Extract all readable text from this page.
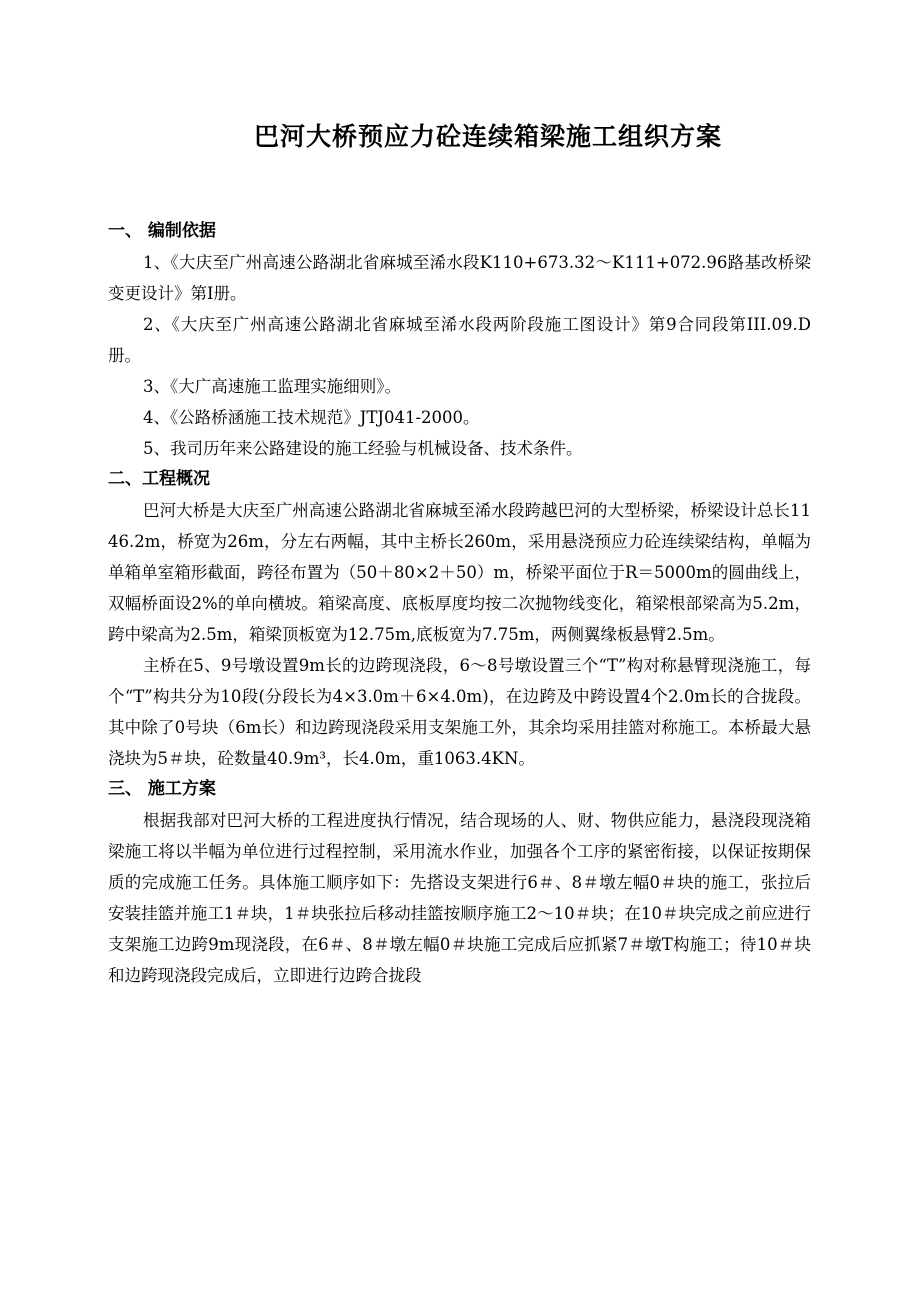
巴河大桥预应力砼连续箱梁施工组织方案
一、 编制依据
1、《大庆至广州高速公路湖北省麻城至浠水段K110+673.32～K111+072.96路基改桥梁变更设计》第I册。
2、《大庆至广州高速公路湖北省麻城至浠水段两阶段施工图设计》第9合同段第III.09.D册。
3、《大广高速施工监理实施细则》。
4、《公路桥涵施工技术规范》JTJ041-2000。
5、我司历年来公路建设的施工经验与机械设备、技术条件。
二、工程概况
巴河大桥是大庆至广州高速公路湖北省麻城至浠水段跨越巴河的大型桥梁，桥梁设计总长1146.2m，桥宽为26m，分左右两幅，其中主桥长260m，采用悬浇预应力砼连续梁结构，单幅为单箱单室箱形截面，跨径布置为（50＋80×2＋50）m，桥梁平面位于R＝5000m的圆曲线上，双幅桥面设2%的单向横坡。箱梁高度、底板厚度均按二次抛物线变化，箱梁根部梁高为5.2m，跨中梁高为2.5m，箱梁顶板宽为12.75m,底板宽为7.75m，两侧翼缘板悬臂2.5m。
主桥在5、9号墩设置9m长的边跨现浇段，6～8号墩设置三个“T”构对称悬臂现浇施工，每个“T”构共分为10段(分段长为4×3.0m＋6×4.0m)，在边跨及中跨设置4个2.0m长的合拢段。其中除了0号块（6m长）和边跨现浇段采用支架施工外，其余均采用挂篮对称施工。本桥最大悬浇块为5＃块，砼数量40.9m³，长4.0m，重1063.4KN。
三、 施工方案
根据我部对巴河大桥的工程进度执行情况，结合现场的人、财、物供应能力，悬浇段现浇箱梁施工将以半幅为单位进行过程控制，采用流水作业，加强各个工序的紧密衔接，以保证按期保质的完成施工任务。具体施工顺序如下：先搭设支架进行6＃、8＃墩左幅0＃块的施工，张拉后安装挂篮并施工1＃块，1＃块张拉后移动挂篮按顺序施工2～10＃块；在10＃块完成之前应进行支架施工边跨9m现浇段，在6＃、8＃墩左幅0＃块施工完成后应抓紧7＃墩T构施工；待10＃块和边跨现浇段完成后，立即进行边跨合拢段
